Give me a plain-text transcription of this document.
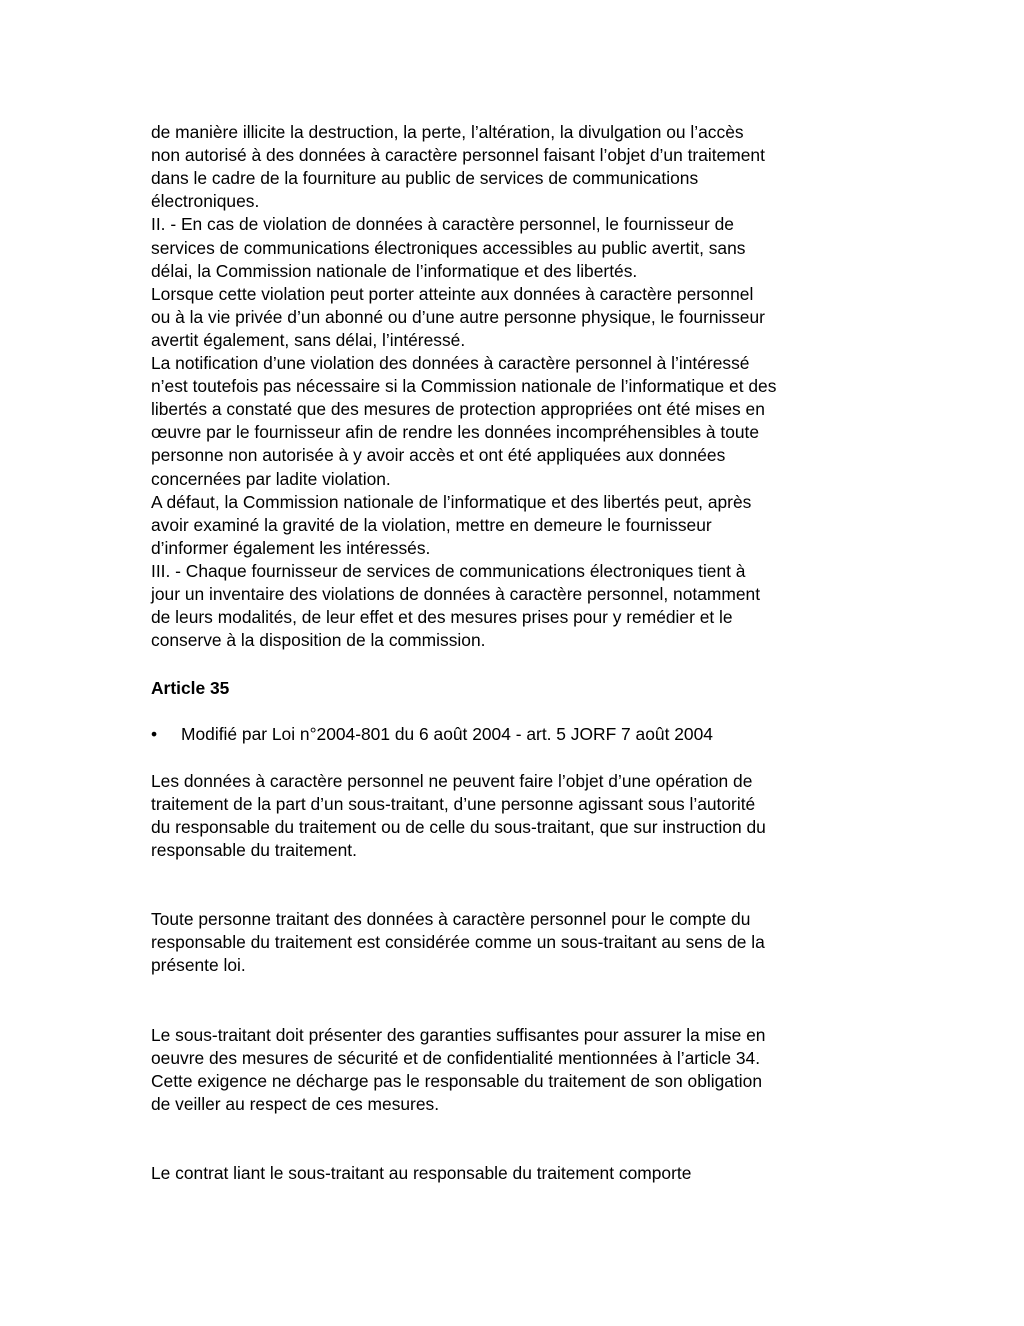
de manière illicite la destruction, la perte, l’altération, la divulgation ou l’accès
non autorisé à des données à caractère personnel faisant l’objet d’un traitement
dans le cadre de la fourniture au public de services de communications
électroniques.
II. - En cas de violation de données à caractère personnel, le fournisseur de
services de communications électroniques accessibles au public avertit, sans
délai, la Commission nationale de l’informatique et des libertés.
Lorsque cette violation peut porter atteinte aux données à caractère personnel
ou à la vie privée d’un abonné ou d’une autre personne physique, le fournisseur
avertit également, sans délai, l’intéressé.
La notification d’une violation des données à caractère personnel à l’intéressé
n’est toutefois pas nécessaire si la Commission nationale de l’informatique et des
libertés a constaté que des mesures de protection appropriées ont été mises en
œuvre par le fournisseur afin de rendre les données incompréhensibles à toute
personne non autorisée à y avoir accès et ont été appliquées aux données
concernées par ladite violation.
A défaut, la Commission nationale de l’informatique et des libertés peut, après
avoir examiné la gravité de la violation, mettre en demeure le fournisseur
d’informer également les intéressés.
III. - Chaque fournisseur de services de communications électroniques tient à
jour un inventaire des violations de données à caractère personnel, notamment
de leurs modalités, de leur effet et des mesures prises pour y remédier et le
conserve à la disposition de la commission.
Article 35
• Modifié par Loi n°2004-801 du 6 août 2004 - art. 5 JORF 7 août 2004
Les données à caractère personnel ne peuvent faire l’objet d’une opération de
traitement de la part d’un sous-traitant, d’une personne agissant sous l’autorité
du responsable du traitement ou de celle du sous-traitant, que sur instruction du
responsable du traitement.
Toute personne traitant des données à caractère personnel pour le compte du
responsable du traitement est considérée comme un sous-traitant au sens de la
présente loi.
Le sous-traitant doit présenter des garanties suffisantes pour assurer la mise en
oeuvre des mesures de sécurité et de confidentialité mentionnées à l’article 34.
Cette exigence ne décharge pas le responsable du traitement de son obligation
de veiller au respect de ces mesures.
Le contrat liant le sous-traitant au responsable du traitement comporte
